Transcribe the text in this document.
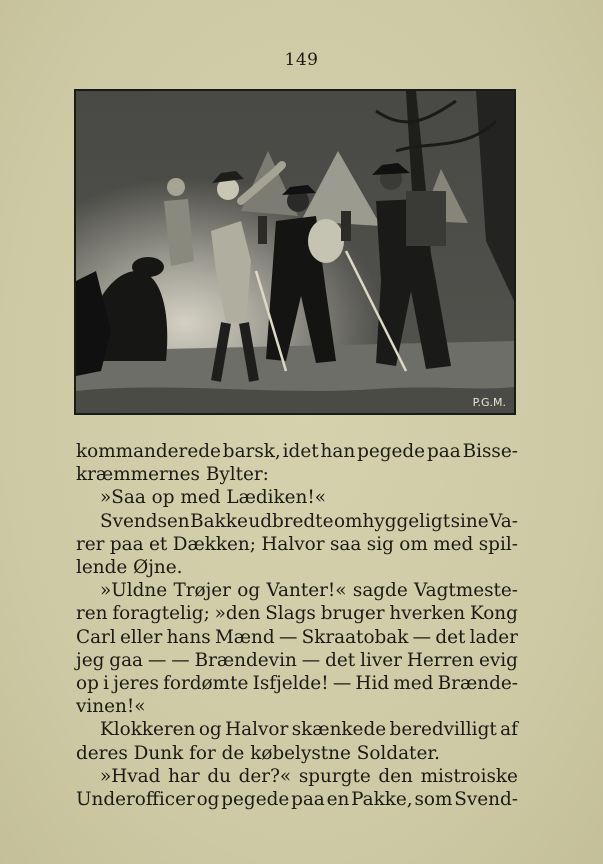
149
P.G.M.
kommanderede barsk, idet han pegede paa Bisse-
kræmmernes Bylter:
»Saa op med Lædiken!«
Svendsen Bakke udbredte omhyggeligt sine Va-
rer paa et Dækken; Halvor saa sig om med spil-
lende Øjne.
»Uldne Trøjer og Vanter!« sagde Vagtmeste-
ren foragtelig; »den Slags bruger hverken Kong
Carl eller hans Mænd — Skraatobak — det lader
jeg gaa — — Brændevin — det liver Herren evig
op i jeres fordømte Isfjelde! — Hid med Brænde-
vinen!«
Klokkeren og Halvor skænkede beredvilligt af
deres Dunk for de købelystne Soldater.
»Hvad har du der?« spurgte den mistroiske
Underofficer og pegede paa en Pakke, som Svend-
